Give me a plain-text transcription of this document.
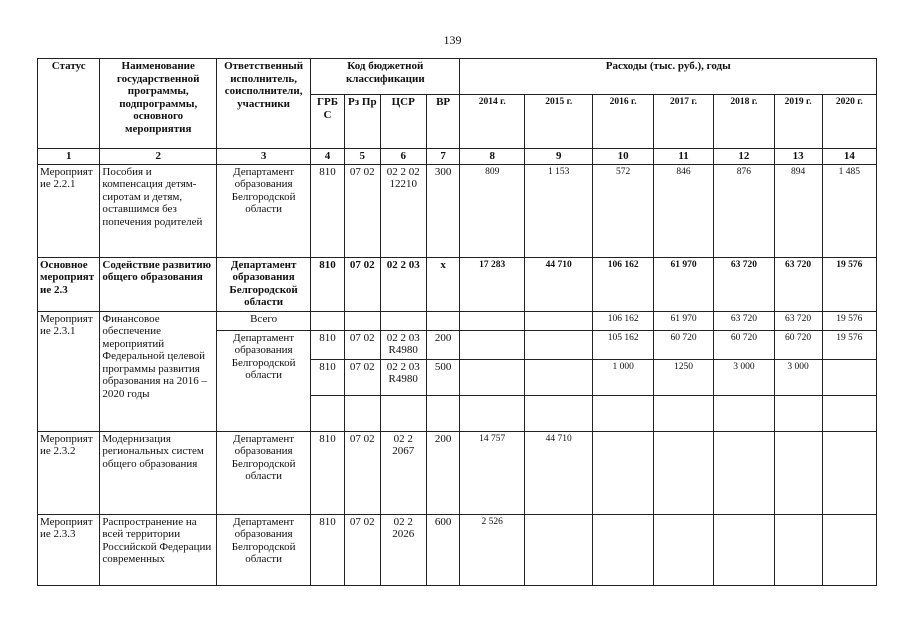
139
Статус	Наименование государственной программы, подпрограммы, основного мероприятия	Ответственный исполнитель, соисполнители, участники	Код бюджетной классификации				Расходы (тыс. руб.), годы						
			ГРБ С	Рз Пр	ЦСР	ВР	2014 г.	2015 г.	2016 г.	2017 г.	2018 г.	2019 г.	2020 г.
1	2	3	4	5	6	7	8	9	10	11	12	13	14
Мероприятие 2.2.1	Пособия и компенсация детям-сиротам и детям, оставшимся без попечения родителей	Департамент образования Белгородской области	810	07 02	02 2 02 12210	300	809	1 153	572	846	876	894	1 485
Основное мероприятие 2.3	Содействие развитию общего образования	Департамент образования Белгородской области	810	07 02	02 2 03	х	17 283	44 710	106 162	61 970	63 720	63 720	19 576
Мероприятие 2.3.1	Финансовое обеспечение мероприятий Федеральной целевой программы развития образования на 2016 – 2020 годы	Всего							106 162	61 970	63 720	63 720	19 576
		Департамент образования Белгородской области	810	07 02	02 2 03 R4980	200			105 162	60 720	60 720	60 720	19 576
			810	07 02	02 2 03 R4980	500			1 000	1250	3 000	3 000	

Мероприятие 2.3.2	Модернизация региональных систем общего образования	Департамент образования Белгородской области	810	07 02	02 2 2067	200	14 757	44 710					
Мероприятие 2.3.3	Распространение на всей территории Российской Федерации современных	Департамент образования Белгородской области	810	07 02	02 2 2026	600	2 526						
